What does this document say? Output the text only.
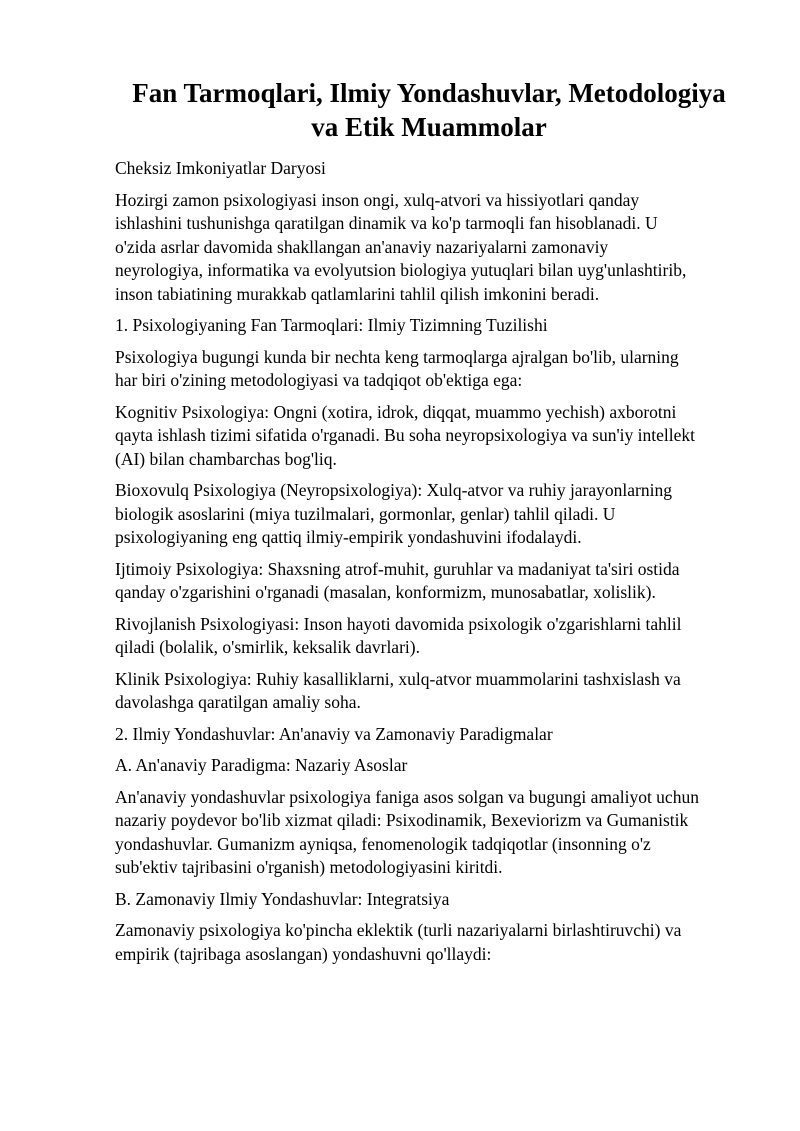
Fan Tarmoqlari, Ilmiy Yondashuvlar, Metodologiya
va Etik Muammolar
Cheksiz Imkoniyatlar Daryosi
Hozirgi zamon psixologiyasi inson ongi, xulq-atvori va hissiyotlari qanday
ishlashini tushunishga qaratilgan dinamik va ko'p tarmoqli fan hisoblanadi. U
o'zida asrlar davomida shakllangan an'anaviy nazariyalarni zamonaviy
neyrologiya, informatika va evolyutsion biologiya yutuqlari bilan uyg'unlashtirib,
inson tabiatining murakkab qatlamlarini tahlil qilish imkonini beradi.
1. Psixologiyaning Fan Tarmoqlari: Ilmiy Tizimning Tuzilishi
Psixologiya bugungi kunda bir nechta keng tarmoqlarga ajralgan bo'lib, ularning
har biri o'zining metodologiyasi va tadqiqot ob'ektiga ega:
Kognitiv Psixologiya: Ongni (xotira, idrok, diqqat, muammo yechish) axborotni
qayta ishlash tizimi sifatida o'rganadi. Bu soha neyropsixologiya va sun'iy intellekt
(AI) bilan chambarchas bog'liq.
Bioxovulq Psixologiya (Neyropsixologiya): Xulq-atvor va ruhiy jarayonlarning
biologik asoslarini (miya tuzilmalari, gormonlar, genlar) tahlil qiladi. U
psixologiyaning eng qattiq ilmiy-empirik yondashuvini ifodalaydi.
Ijtimoiy Psixologiya: Shaxsning atrof-muhit, guruhlar va madaniyat ta'siri ostida
qanday o'zgarishini o'rganadi (masalan, konformizm, munosabatlar, xolislik).
Rivojlanish Psixologiyasi: Inson hayoti davomida psixologik o'zgarishlarni tahlil
qiladi (bolalik, o'smirlik, keksalik davrlari).
Klinik Psixologiya: Ruhiy kasalliklarni, xulq-atvor muammolarini tashxislash va
davolashga qaratilgan amaliy soha.
2. Ilmiy Yondashuvlar: An'anaviy va Zamonaviy Paradigmalar
A. An'anaviy Paradigma: Nazariy Asoslar
An'anaviy yondashuvlar psixologiya faniga asos solgan va bugungi amaliyot uchun
nazariy poydevor bo'lib xizmat qiladi: Psixodinamik, Bexeviorizm va Gumanistik
yondashuvlar. Gumanizm ayniqsa, fenomenologik tadqiqotlar (insonning o'z
sub'ektiv tajribasini o'rganish) metodologiyasini kiritdi.
B. Zamonaviy Ilmiy Yondashuvlar: Integratsiya
Zamonaviy psixologiya ko'pincha eklektik (turli nazariyalarni birlashtiruvchi) va
empirik (tajribaga asoslangan) yondashuvni qo'llaydi:
